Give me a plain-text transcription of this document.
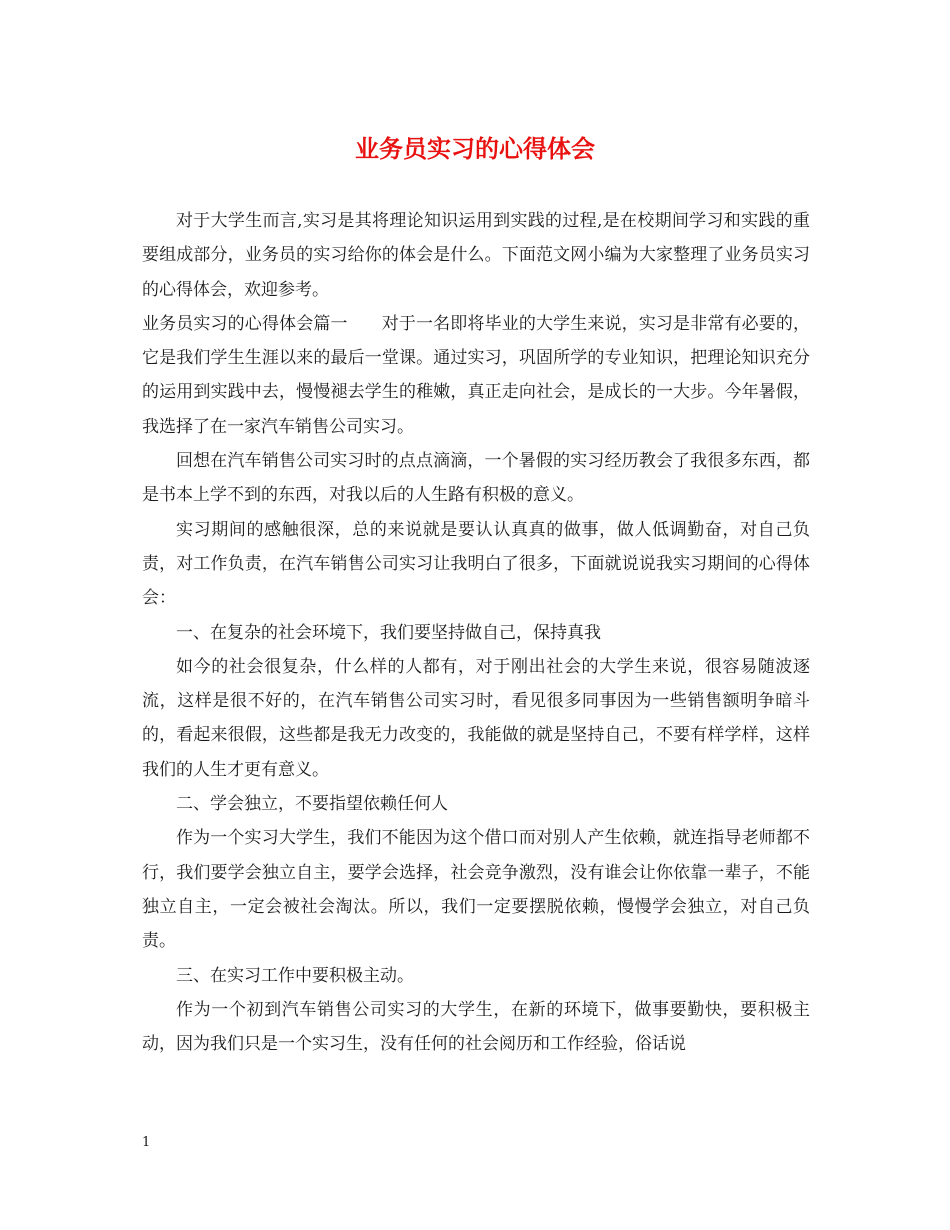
业务员实习的心得体会

对于大学生而言,实习是其将理论知识运用到实践的过程,是在校期间学习和实践的重要组成部分，业务员的实习给你的体会是什么。下面范文网小编为大家整理了业务员实习的心得体会，欢迎参考。

业务员实习的心得体会篇一 对于一名即将毕业的大学生来说，实习是非常有必要的，它是我们学生生涯以来的最后一堂课。通过实习，巩固所学的专业知识，把理论知识充分的运用到实践中去，慢慢褪去学生的稚嫩，真正走向社会，是成长的一大步。今年暑假，我选择了在一家汽车销售公司实习。

回想在汽车销售公司实习时的点点滴滴，一个暑假的实习经历教会了我很多东西，都是书本上学不到的东西，对我以后的人生路有积极的意义。

实习期间的感触很深，总的来说就是要认认真真的做事，做人低调勤奋，对自己负责，对工作负责，在汽车销售公司实习让我明白了很多，下面就说说我实习期间的心得体会：

一、在复杂的社会环境下，我们要坚持做自己，保持真我

如今的社会很复杂，什么样的人都有，对于刚出社会的大学生来说，很容易随波逐流，这样是很不好的，在汽车销售公司实习时，看见很多同事因为一些销售额明争暗斗的，看起来很假，这些都是我无力改变的，我能做的就是坚持自己，不要有样学样，这样我们的人生才更有意义。

二、学会独立，不要指望依赖任何人

作为一个实习大学生，我们不能因为这个借口而对别人产生依赖，就连指导老师都不行，我们要学会独立自主，要学会选择，社会竞争激烈，没有谁会让你依靠一辈子，不能独立自主，一定会被社会淘汰。所以，我们一定要摆脱依赖，慢慢学会独立，对自己负责。

三、在实习工作中要积极主动。

作为一个初到汽车销售公司实习的大学生，在新的环境下，做事要勤快，要积极主动，因为我们只是一个实习生，没有任何的社会阅历和工作经验，俗话说

1
